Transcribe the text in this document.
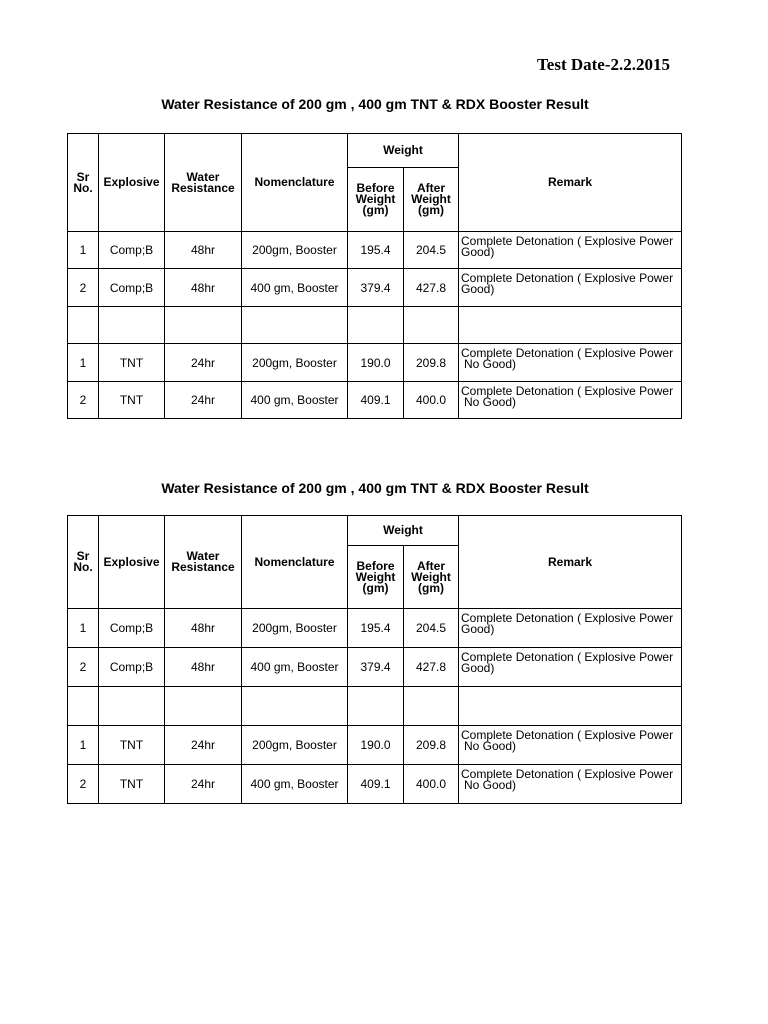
Test Date-2.2.2015
Water Resistance of 200 gm , 400 gm TNT & RDX Booster Result
Sr No.	Explosive	Water Resistance	Nomenclature	Weight		Remark
				Before Weight (gm)	After Weight (gm)	
1	Comp;B	48hr	200gm, Booster	195.4	204.5	Complete Detonation ( Explosive Power
Good)

2	Comp;B	48hr	400 gm, Booster	379.4	427.8	Complete Detonation ( Explosive Power
Good)

1	TNT	24hr	200gm, Booster	190.0	209.8	Complete Detonation ( Explosive Power
No Good)

2	TNT	24hr	400 gm, Booster	409.1	400.0	Complete Detonation ( Explosive Power
No Good)
Water Resistance of 200 gm , 400 gm TNT & RDX Booster Result
Sr No.	Explosive	Water Resistance	Nomenclature	Weight		Remark
				Before Weight (gm)	After Weight (gm)	
1	Comp;B	48hr	200gm, Booster	195.4	204.5	Complete Detonation ( Explosive Power
Good)

2	Comp;B	48hr	400 gm, Booster	379.4	427.8	Complete Detonation ( Explosive Power
Good)

1	TNT	24hr	200gm, Booster	190.0	209.8	Complete Detonation ( Explosive Power
No Good)

2	TNT	24hr	400 gm, Booster	409.1	400.0	Complete Detonation ( Explosive Power
No Good)
